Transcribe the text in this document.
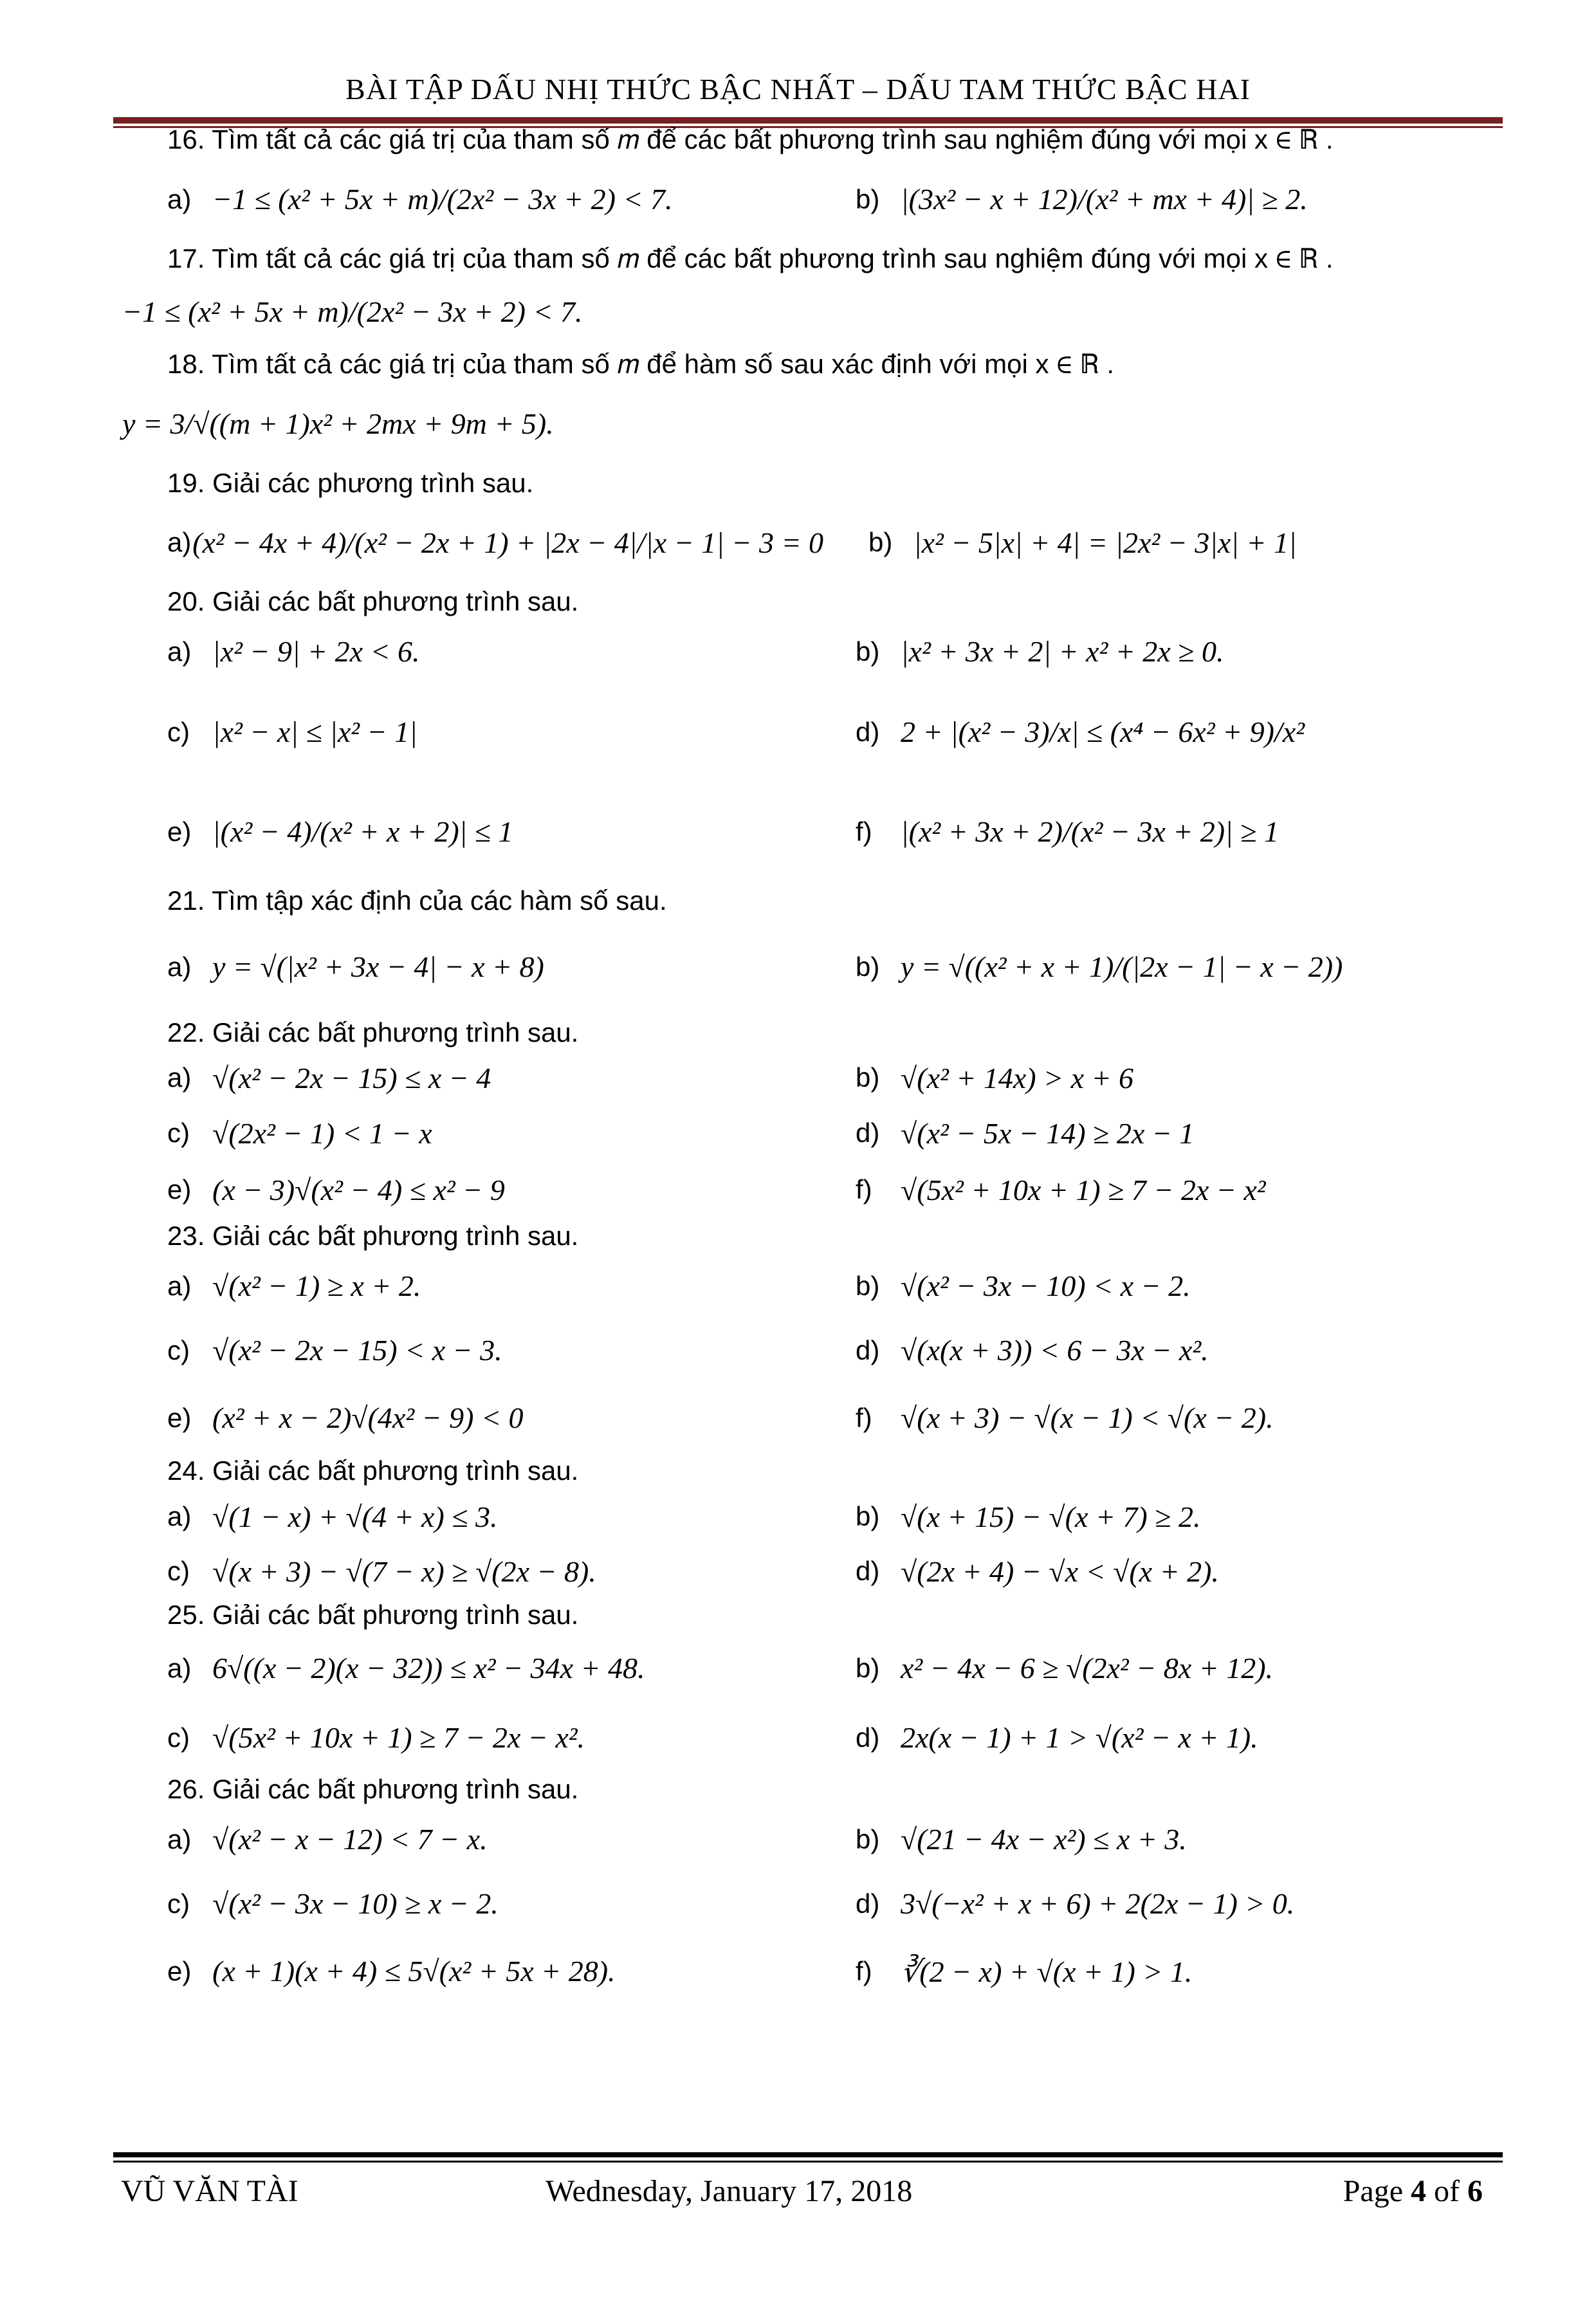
BÀI TẬP DẤU NHỊ THỨC BẬC NHẤT – DẤU TAM THỨC BẬC HAI
16. Tìm tất cả các giá trị của tham số 𝑚 để các bất phương trình sau nghiệm đúng với mọi x ∈ ℝ .
a) −1 ≤ (x² + 5x + m)/(2x² − 3x + 2) < 7.	b) |(3x² − x + 12)/(x² + mx + 4)| ≥ 2.
17. Tìm tất cả các giá trị của tham số 𝑚 để các bất phương trình sau nghiệm đúng với mọi x ∈ ℝ .
−1 ≤ (x² + 5x + m)/(2x² − 3x + 2) < 7.
18. Tìm tất cả các giá trị của tham số 𝑚 để hàm số sau xác định với mọi x ∈ ℝ .
y = 3/√((m + 1)x² + 2mx + 9m + 5).
19. Giải các phương trình sau.
a) (x² − 4x + 4)/(x² − 2x + 1) + |2x − 4|/|x − 1| − 3 = 0 b) |x² − 5|x| + 4| = |2x² − 3|x| + 1|
20. Giải các bất phương trình sau.
a) |x² − 9| + 2x < 6.	b) |x² + 3x + 2| + x² + 2x ≥ 0.
c) |x² − x| ≤ |x² − 1|	d) 2 + |(x² − 3)/x| ≤ (x⁴ − 6x² + 9)/x²
e) |(x² − 4)/(x² + x + 2)| ≤ 1	f) |(x² + 3x + 2)/(x² − 3x + 2)| ≥ 1
21. Tìm tập xác định của các hàm số sau.
a) y = √(|x² + 3x − 4| − x + 8)	b) y = √((x² + x + 1)/(|2x − 1| − x − 2))
22. Giải các bất phương trình sau.
a) √(x² − 2x − 15) ≤ x − 4	b) √(x² + 14x) > x + 6
c) √(2x² − 1) < 1 − x	d) √(x² − 5x − 14) ≥ 2x − 1
e) (x − 3)√(x² − 4) ≤ x² − 9	f) √(5x² + 10x + 1) ≥ 7 − 2x − x²
23. Giải các bất phương trình sau.
a) √(x² − 1) ≥ x + 2.	b) √(x² − 3x − 10) < x − 2.
c) √(x² − 2x − 15) < x − 3.	d) √(x(x + 3)) < 6 − 3x − x².
e) (x² + x − 2)√(4x² − 9) < 0	f) √(x + 3) − √(x − 1) < √(x − 2).
24. Giải các bất phương trình sau.
a) √(1 − x) + √(4 + x) ≤ 3.	b) √(x + 15) − √(x + 7) ≥ 2.
c) √(x + 3) − √(7 − x) ≥ √(2x − 8).	d) √(2x + 4) − √x < √(x + 2).
25. Giải các bất phương trình sau.
a) 6√((x − 2)(x − 32)) ≤ x² − 34x + 48.	b) x² − 4x − 6 ≥ √(2x² − 8x + 12).
c) √(5x² + 10x + 1) ≥ 7 − 2x − x².	d) 2x(x − 1) + 1 > √(x² − x + 1).
26. Giải các bất phương trình sau.
a) √(x² − x − 12) < 7 − x.	b) √(21 − 4x − x²) ≤ x + 3.
c) √(x² − 3x − 10) ≥ x − 2.	d) 3√(−x² + x + 6) + 2(2x − 1) > 0.
e) (x + 1)(x + 4) ≤ 5√(x² + 5x + 28).	f) ∛(2 − x) + √(x + 1) > 1.
VŨ VĂN TÀI	Wednesday, January 17, 2018	Page 4 of 6
